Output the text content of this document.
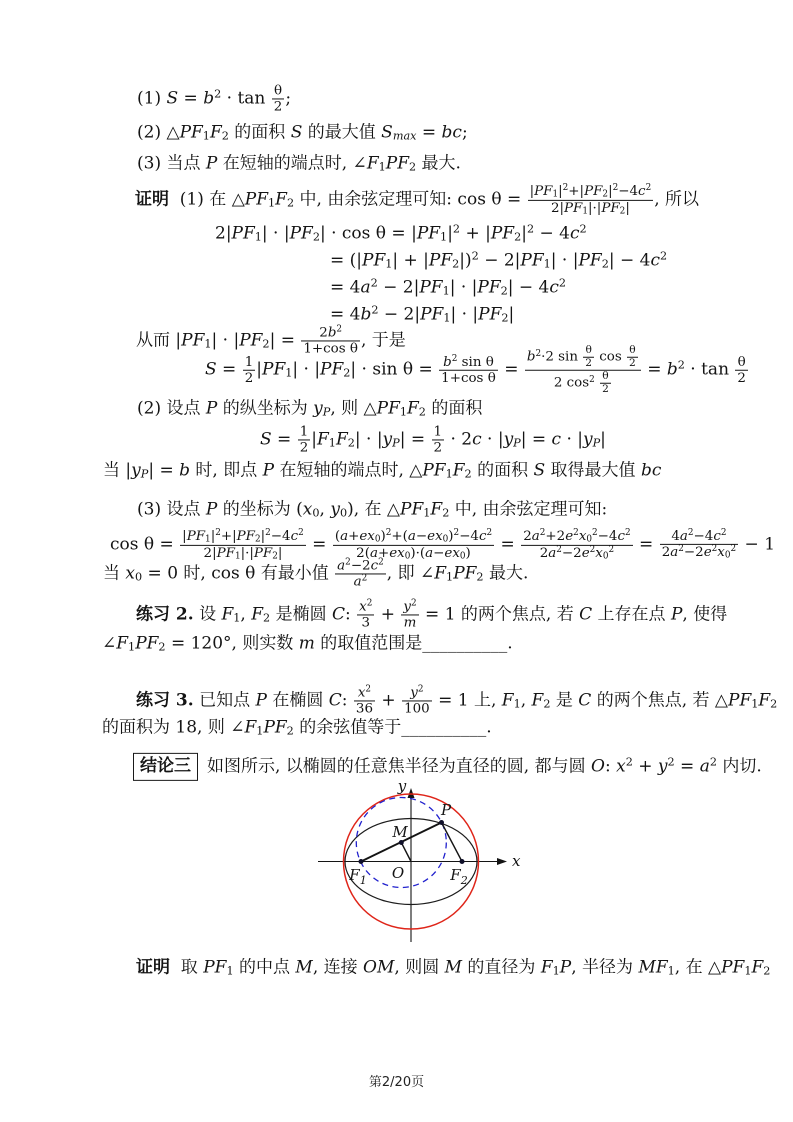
(1) $S = b^2 \cdot \tan \frac{\theta}{2}$ ;
(2) $\triangle PF_1F_2$ 的面积 S 的最大值 $S_{max}$ = bc;
(3) 当点 P 在短轴的端点时, $\angle F_1PF_2$ 最大.
证明  (1) 在 $\triangle PF_1F_2$ 中, 由余弦定理可知: $\cos \theta = \frac{|PF_1|^2+|PF_2|^2-4c^2}{2|PF_1|\cdot|PF_2|}$ , 所以
$2|PF_1| \cdot |PF_2| \cdot \cos \theta = |PF_1|^2 + |PF_2|^2 - 4c^2$
= $(|PF_1| + |PF_2|)^2 - 2|PF_1| \cdot |PF_2| - 4c^2$
= $4a^2 - 2|PF_1| \cdot |PF_2| - 4c^2$
= $4b^2 - 2|PF_1| \cdot |PF_2|$
从而 $|PF_1| \cdot |PF_2| = \frac{2b^2}{\text{1+cos θ}}$ , 于是
$S = \frac{1}{2} |PF_1| \cdot |PF_2| \cdot \sin \theta = \frac{b^2 \sin \theta}{\text{1+cos θ}} = \frac{b^2\cdot 2 \sin \frac{\theta}{2} \cos \frac{\theta}{2}}{2 \cos^2 \frac{\theta}{2}} = b^2 \cdot \tan \frac{\theta}{2}$
(2) 设点 P 的纵坐标为 $y_P$, 则 $\triangle PF_1F_2$ 的面积
$S = \frac{1}{2} |F_1F_2| \cdot |y_P| = \frac{1}{2} \cdot 2c \cdot |y_P| = c \cdot |y_P|$
当 $|y_P| = b$ 时, 即点 P 在短轴的端点时, $\triangle PF_1F_2$ 的面积 S 取得最大值 bc
(3) 设点 P 的坐标为 ($x_0$, $y_0$), 在 $\triangle PF_1F_2$ 中, 由余弦定理可知:
$\cos \theta = \frac{|PF_1|^2+|PF_2|^2-4c^2}{2|PF_1|\cdot|PF_2|} = \frac{(a+ex_0)^2+(a-ex_0)^2-4c^2}{2(a+ex_0)\cdot(a-ex_0)} = \frac{2a^2+2e^2x_0^2-4c^2}{2a^2-2e^2x_0^2} = \frac{4a^2-4c^2}{2a^2-2e^2x_0^2} - 1$
当 $x_0 = 0$ 时, cos θ 有最小值 $\frac{a^2-2c^2}{a^2}$ , 即 $\angle F_1PF_2$ 最大.
练习 2. 设 $F_1$, $F_2$ 是椭圆 C: $\frac{x^2}{3} + \frac{y^2}{m} = 1$ 的两个焦点, 若 C 上存在点 P, 使得
$\angle F_1PF_2 = 120^\circ$, 则实数 m 的取值范围是__________.
练习 3. 已知点 P 在椭圆 C: $\frac{x^2}{36} + \frac{y^2}{100} = 1$ 上, $F_1$, $F_2$ 是 C 的两个焦点, 若 $\triangle PF_1F_2$
的面积为 18, 则 $\angle F_1PF_2$ 的余弦值等于__________.
如图所示, 以椭圆的任意焦半径为直径的圆, 都与圆 O: $x^2 + y^2 = a^2$ 内切.
证明  取 $PF_1$ 的中点 M, 连接 OM, 则圆 M 的直径为 $F_1P$, 半径为 $MF_1$, 在 $\triangle PF_1F_2$
结论三
y
x
P
M
O
$F_1$	$F_2$
第2/20页
